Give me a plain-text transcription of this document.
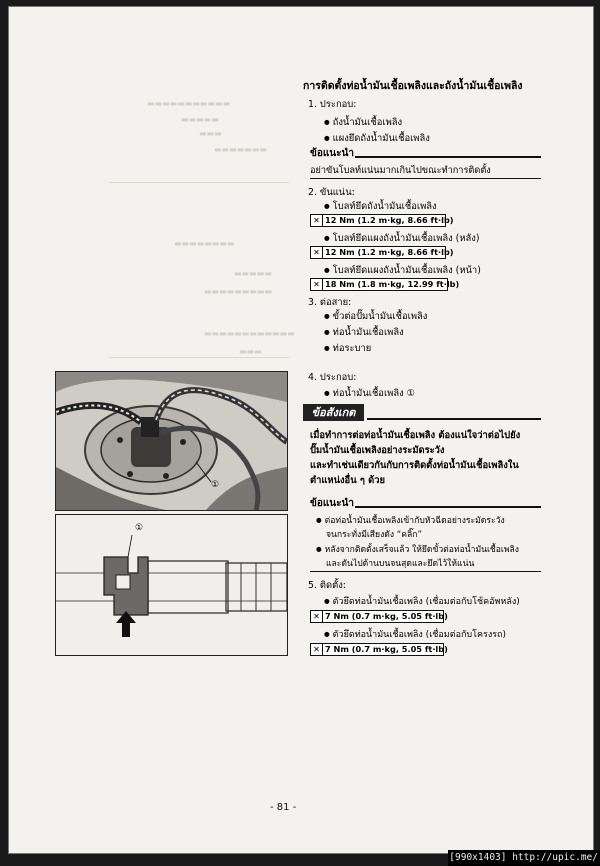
▬▬▬▬▬▬▬▬▬▬▬
▬▬▬▬▬
▬▬▬
▬▬▬▬▬▬▬
▬▬▬▬▬▬▬▬
▬▬▬▬▬
▬▬▬▬▬▬▬▬▬
▬▬▬▬▬▬▬▬▬▬▬▬
▬▬▬
①
①
การติดตั้งท่อน้ำมันเชื้อเพลิงและถังน้ำมันเชื้อเพลิง
1. ประกอบ:
● ถังน้ำมันเชื้อเพลิง
● แผงยึดถังน้ำมันเชื้อเพลิง
ข้อแนะนำ
อย่าขันโบลท์แน่นมากเกินไปขณะทำการติดตั้ง
2. ขันแน่น:
● โบลท์ยึดถังน้ำมันเชื้อเพลิง
✕ 12 Nm (1.2 m·kg, 8.66 ft·lb)
● โบลท์ยึดแผงถังน้ำมันเชื้อเพลิง (หลัง)
✕ 12 Nm (1.2 m·kg, 8.66 ft·lb)
● โบลท์ยึดแผงถังน้ำมันเชื้อเพลิง (หน้า)
✕ 18 Nm (1.8 m·kg, 12.99 ft·lb)
3. ต่อสาย:
● ขั้วต่อปั๊มน้ำมันเชื้อเพลิง
● ท่อน้ำมันเชื้อเพลิง
● ท่อระบาย
4. ประกอบ:
● ท่อน้ำมันเชื้อเพลิง ①
ข้อสังเกต
เมื่อทำการต่อท่อน้ำมันเชื้อเพลิง ต้องแน่ใจว่าต่อไปยัง
ปั๊มน้ำมันเชื้อเพลิงอย่างระมัดระวัง
และทำเช่นเดียวกันกับการติดตั้งท่อน้ำมันเชื้อเพลิงใน
ตำแหน่งอื่น ๆ ด้วย
ข้อแนะนำ
● ต่อท่อน้ำมันเชื้อเพลิงเข้ากับหัวฉีดอย่างระมัดระวัง
จนกระทั่งมีเสียงดัง “คลิ๊ก”
● หลังจากติดตั้งเสร็จแล้ว ให้ยึดขั้วต่อท่อน้ำมันเชื้อเพลิง
และดันไปด้านบนจนสุดและยึดไว้ให้แน่น
5. ติดตั้ง:
● ตัวยึดท่อน้ำมันเชื้อเพลิง (เชื่อมต่อกับโช้คอัพหลัง)
✕ 7 Nm (0.7 m·kg, 5.05 ft·lb)
● ตัวยึดท่อน้ำมันเชื้อเพลิง (เชื่อมต่อกับโครงรถ)
✕ 7 Nm (0.7 m·kg, 5.05 ft·lb)
- 81 -
[990x1403] http://upic.me/
